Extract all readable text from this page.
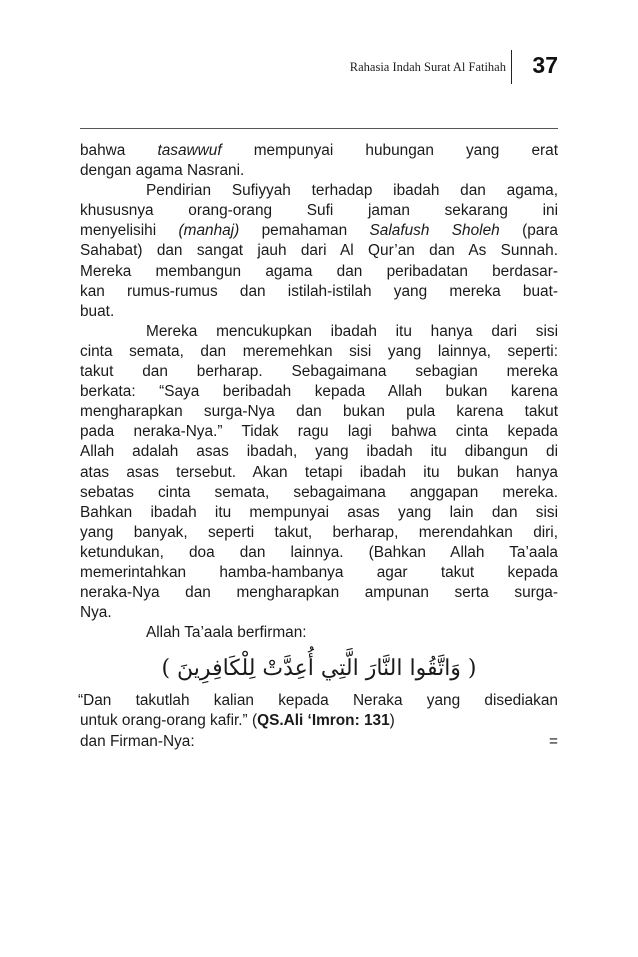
Rahasia Indah Surat Al Fatihah 37
bahwa tasawwuf mempunyai hubungan yang erat
dengan agama Nasrani.
Pendirian Sufiyyah terhadap ibadah dan agama,
khususnya orang-orang Sufi jaman sekarang ini
menyelisihi (manhaj) pemahaman Salafush Sholeh (para
Sahabat) dan sangat jauh dari Al Qur’an dan As Sunnah.
Mereka membangun agama dan peribadatan berdasar-
kan rumus-rumus dan istilah-istilah yang mereka buat-
buat.
Mereka mencukupkan ibadah itu hanya dari sisi
cinta semata, dan meremehkan sisi yang lainnya, seperti:
takut dan berharap. Sebagaimana sebagian mereka
berkata: “Saya beribadah kepada Allah bukan karena
mengharapkan surga-Nya dan bukan pula karena takut
pada neraka-Nya.” Tidak ragu lagi bahwa cinta kepada
Allah adalah asas ibadah, yang ibadah itu dibangun di
atas asas tersebut. Akan tetapi ibadah itu bukan hanya
sebatas cinta semata, sebagaimana anggapan mereka.
Bahkan ibadah itu mempunyai asas yang lain dan sisi
yang banyak, seperti takut, berharap, merendahkan diri,
ketundukan, doa dan lainnya. (Bahkan Allah Ta’aala
memerintahkan hamba-hambanya agar takut kepada
neraka-Nya dan mengharapkan ampunan serta surga-
Nya.
Allah Ta’aala berfirman:
( وَاتَّقُوا النَّارَ الَّتِي أُعِدَّتْ لِلْكَافِرِينَ )
“Dan takutlah kalian kepada Neraka yang disediakan
untuk orang-orang kafir.” (QS.Ali ‘Imron: 131)
dan Firman-Nya:	=
